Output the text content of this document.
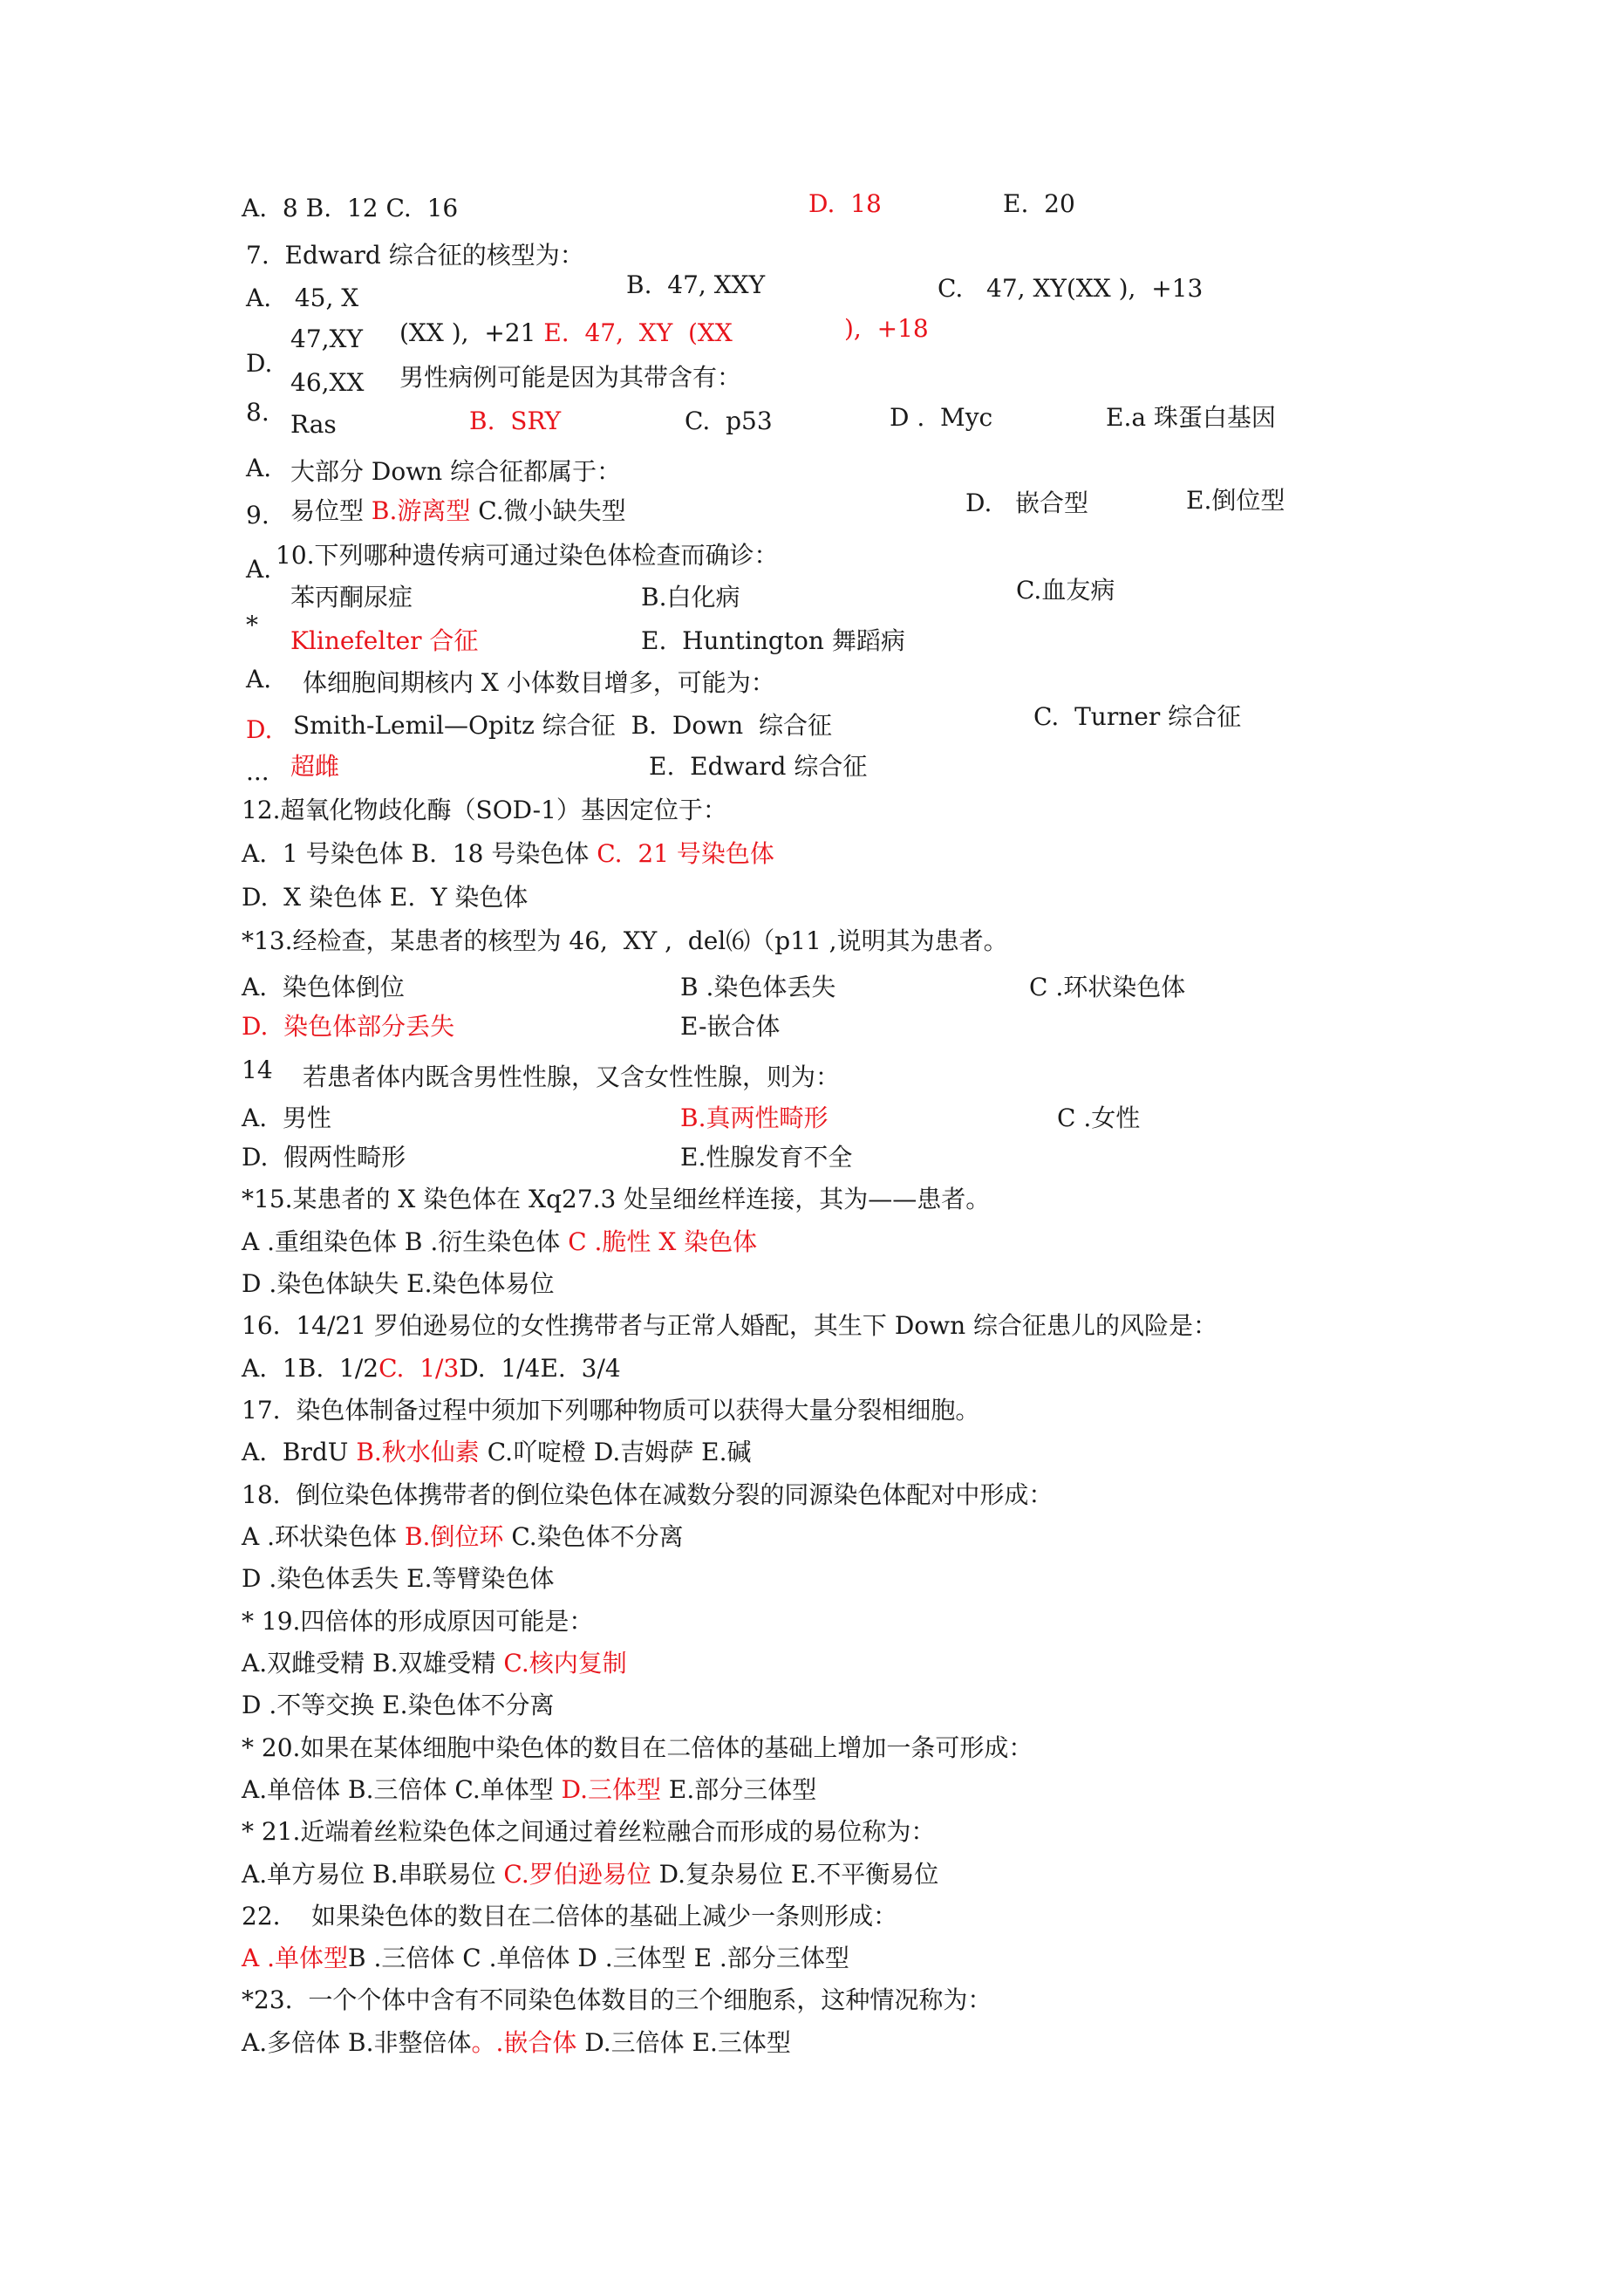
A.  8 B.  12 C.  16	D.  18	E.  20
7.  Edward 综合征的核型为：
B.  47, XXY	C.   47, XY(XX ),  +13
A.   45, X
47,XY (XX ),  +21 E.  47,  XY  (XX	),  +18
D.
46,XX 男性病例可能是因为其带含有：
8. Ras	B.  SRY	C.  p53	D .  Myc	E.a 珠蛋白基因
A. 大部分 Down 综合征都属于：
9. 易位型 B.游离型 C.微小缺失型	D.   嵌合型	E.倒位型
A. 10.下列哪种遗传病可通过染色体检查而确诊：
苯丙酮尿症	B.白化病	C.血友病
*
Klinefelter 合征	E.  Huntington 舞蹈病
A. 体细胞间期核内 X 小体数目增多，可能为：
D. Smith-Lemil—Opitz 综合征  B.  Down  综合征	C.  Turner 综合征
... 超雌	E.  Edward 综合征
12.超氧化物歧化酶（SOD-1）基因定位于：
A.  1 号染色体 B.  18 号染色体 C.  21 号染色体
D.  X 染色体 E.  Y 染色体
*13.经检查，某患者的核型为 46,  XY ,  del⑹（p11 ,说明其为患者。
A.  染色体倒位	B .染色体丢失	C .环状染色体
D.  染色体部分丢失	E-嵌合体
14 若患者体内既含男性性腺，又含女性性腺，则为：
A.  男性	B.真两性畸形	C .女性
D.  假两性畸形	E.性腺发育不全
*15.某患者的 X 染色体在 Xq27.3 处呈细丝样连接，其为——患者。
A .重组染色体 B .衍生染色体 C .脆性 X 染色体
D .染色体缺失 E.染色体易位
16.  14/21 罗伯逊易位的女性携带者与正常人婚配，其生下 Down 综合征患儿的风险是：
A.  1B.  1/2C.  1/3D.  1/4E.  3/4
17.  染色体制备过程中须加下列哪种物质可以获得大量分裂相细胞。
A.  BrdU B.秋水仙素 C.吖啶橙 D.吉姆萨 E.碱
18.  倒位染色体携带者的倒位染色体在减数分裂的同源染色体配对中形成：
A .环状染色体 B.倒位环 C.染色体不分离
D .染色体丢失 E.等臂染色体
* 19.四倍体的形成原因可能是：
A.双雌受精 B.双雄受精 C.核内复制
D .不等交换 E.染色体不分离
* 20.如果在某体细胞中染色体的数目在二倍体的基础上增加一条可形成：
A.单倍体 B.三倍体 C.单体型 D.三体型 E.部分三体型
* 21.近端着丝粒染色体之间通过着丝粒融合而形成的易位称为：
A.单方易位 B.串联易位 C.罗伯逊易位 D.复杂易位 E.不平衡易位
22.    如果染色体的数目在二倍体的基础上减少一条则形成：
A .单体型B .三倍体 C .单倍体 D .三体型 E .部分三体型
*23.  一个个体中含有不同染色体数目的三个细胞系，这种情况称为：
A.多倍体 B.非整倍体。.嵌合体 D.三倍体 E.三体型
